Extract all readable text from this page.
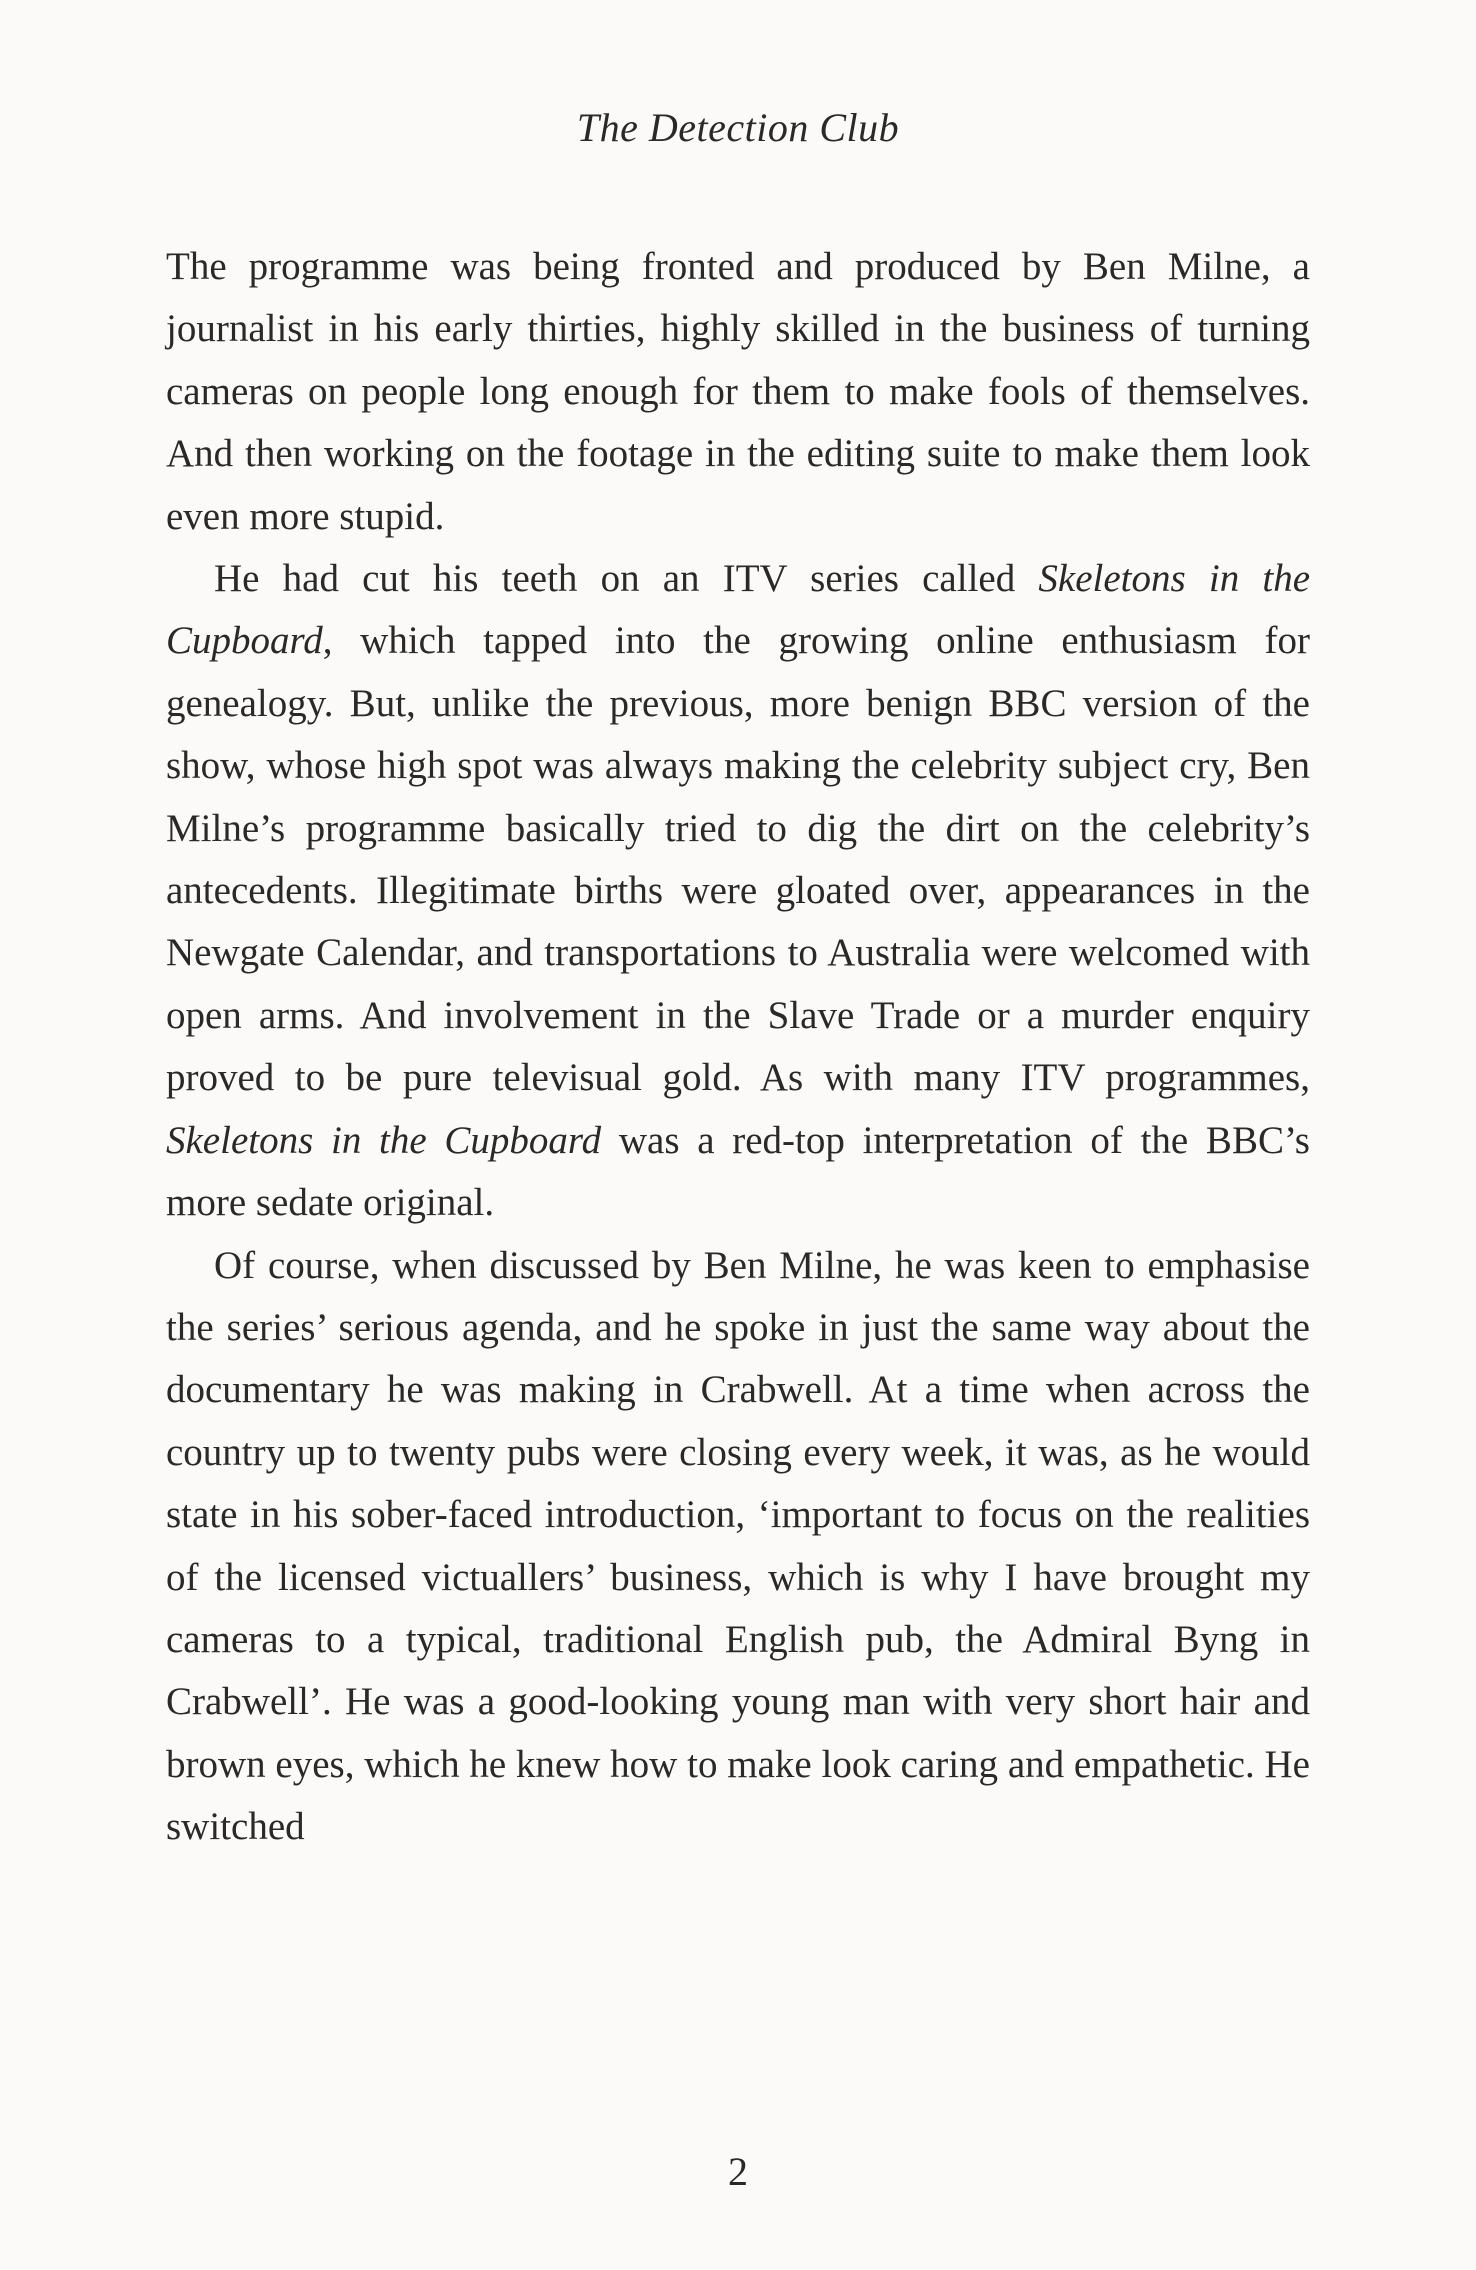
The Detection Club

The programme was being fronted and produced by Ben Milne, a journalist in his early thirties, highly skilled in the business of turning cameras on people long enough for them to make fools of themselves. And then working on the footage in the editing suite to make them look even more stupid.

He had cut his teeth on an ITV series called Skeletons in the Cupboard, which tapped into the growing online enthusiasm for genealogy. But, unlike the previous, more benign BBC version of the show, whose high spot was always making the celebrity subject cry, Ben Milne’s programme basically tried to dig the dirt on the celebrity’s antecedents. Illegitimate births were gloated over, appearances in the Newgate Calendar, and transportations to Australia were welcomed with open arms. And involvement in the Slave Trade or a murder enquiry proved to be pure televisual gold. As with many ITV programmes, Skeletons in the Cupboard was a red-top interpretation of the BBC’s more sedate original.

Of course, when discussed by Ben Milne, he was keen to emphasise the series’ serious agenda, and he spoke in just the same way about the documentary he was making in Crabwell. At a time when across the country up to twenty pubs were closing every week, it was, as he would state in his sober-faced introduction, ‘important to focus on the realities of the licensed victuallers’ business, which is why I have brought my cameras to a typical, traditional English pub, the Admiral Byng in Crabwell’. He was a good-looking young man with very short hair and brown eyes, which he knew how to make look caring and empathetic. He switched

2
